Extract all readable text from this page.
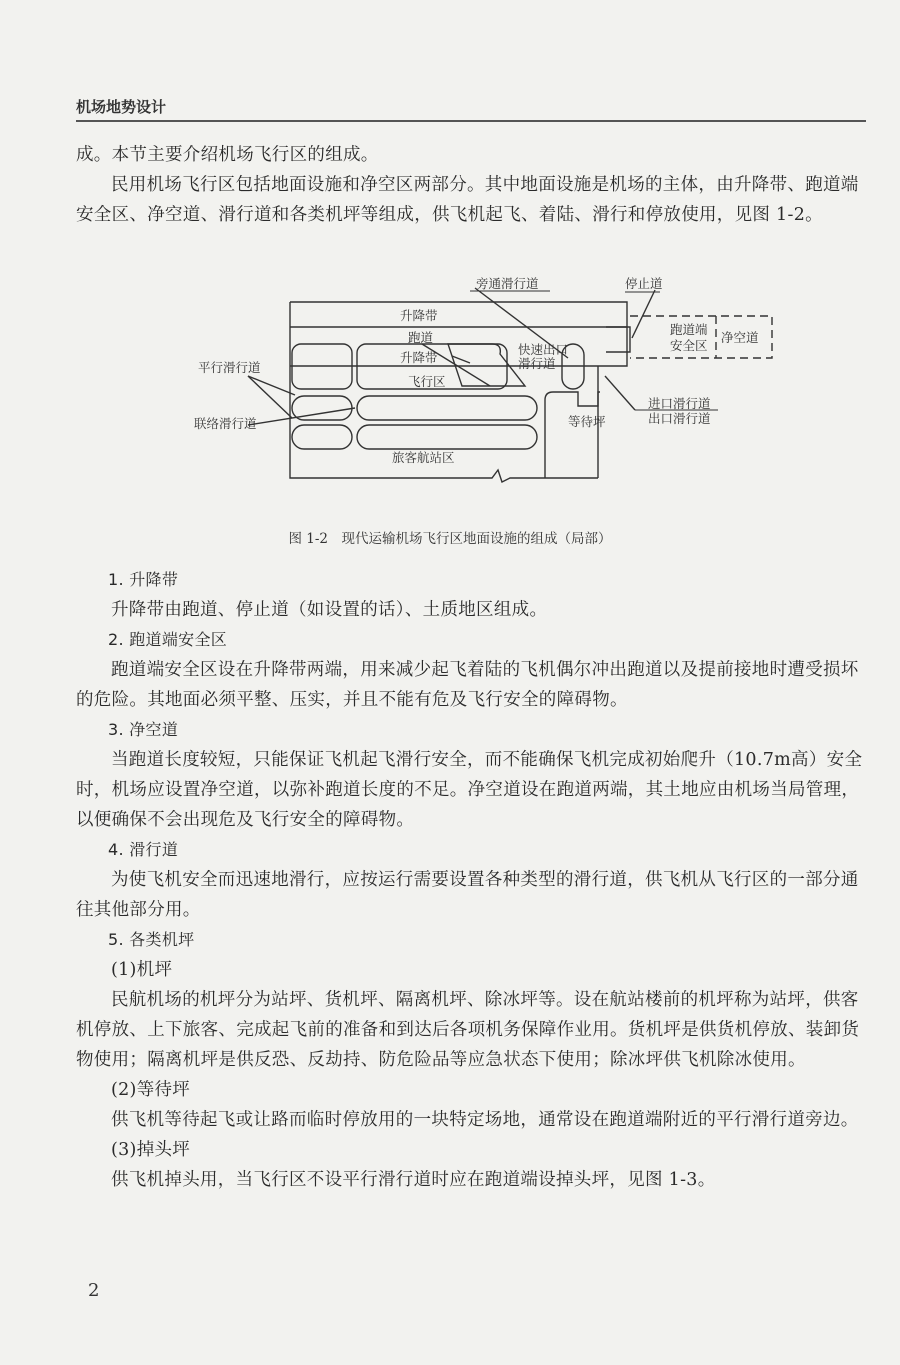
机场地势设计

成。本节主要介绍机场飞行区的组成。

民用机场飞行区包括地面设施和净空区两部分。其中地面设施是机场的主体，由升降带、跑道端安全区、净空道、滑行道和各类机坪等组成，供飞机起飞、着陆、滑行和停放使用，见图 1-2。

旁通滑行道	停止道
升降带
跑道
升降带
飞行区
快速出口
滑行道
跑道端
安全区
净空道
平行滑行道
联络滑行道	等待坪
进口滑行道
出口滑行道
旅客航站区
图 1-2　现代运输机场飞行区地面设施的组成（局部）

1. 升降带

升降带由跑道、停止道（如设置的话）、土质地区组成。

2. 跑道端安全区

跑道端安全区设在升降带两端，用来减少起飞着陆的飞机偶尔冲出跑道以及提前接地时遭受损坏的危险。其地面必须平整、压实，并且不能有危及飞行安全的障碍物。

3. 净空道

当跑道长度较短，只能保证飞机起飞滑行安全，而不能确保飞机完成初始爬升（10.7m高）安全时，机场应设置净空道，以弥补跑道长度的不足。净空道设在跑道两端，其土地应由机场当局管理，以便确保不会出现危及飞行安全的障碍物。

4. 滑行道

为使飞机安全而迅速地滑行，应按运行需要设置各种类型的滑行道，供飞机从飞行区的一部分通往其他部分用。

5. 各类机坪

(1)机坪

民航机场的机坪分为站坪、货机坪、隔离机坪、除冰坪等。设在航站楼前的机坪称为站坪，供客机停放、上下旅客、完成起飞前的准备和到达后各项机务保障作业用。货机坪是供货机停放、装卸货物使用；隔离机坪是供反恐、反劫持、防危险品等应急状态下使用；除冰坪供飞机除冰使用。

(2)等待坪

供飞机等待起飞或让路而临时停放用的一块特定场地，通常设在跑道端附近的平行滑行道旁边。

(3)掉头坪

供飞机掉头用，当飞行区不设平行滑行道时应在跑道端设掉头坪，见图 1-3。

2
